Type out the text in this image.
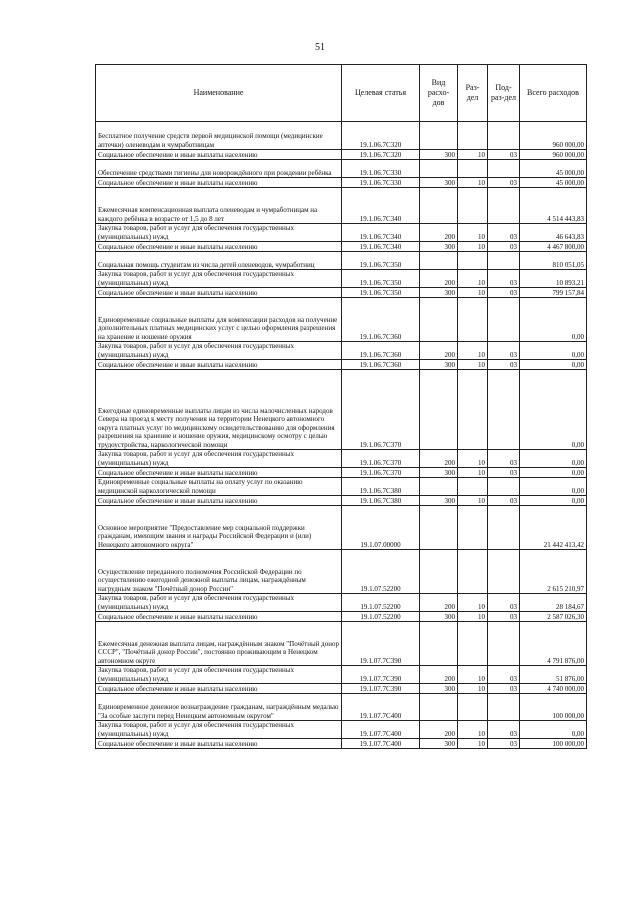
51
Наименование	Целевая статья	Вид расхо-дов	Раз-дел	Под-раз-дел	Всего расходов
Бесплатное получение средств первой медицинской помощи (медицинские аптечки) оленеводам и чумработницам	19.1.06.7С320				960 000,00
Социальное обеспечение и иные выплаты населению	19.1.06.7С320	300	10	03	960 000,00
Обеспечение средствами гигиены для новорождённого при рождении ребёнка	19.1.06.7С330				45 000,00
Социальное обеспечение и иные выплаты населению	19.1.06.7С330	300	10	03	45 000,00
Ежемесячная компенсационная выплата оленеводам и чумработницам на каждого ребёнка в возрасте от 1,5 до 8 лет	19.1.06.7С340				4 514 443,83
Закупка товаров, работ и услуг для обеспечения государственных (муниципальных) нужд	19.1.06.7С340	200	10	03	46 643,83
Социальное обеспечение и иные выплаты населению	19.1.06.7С340	300	10	03	4 467 800,00
Социальная помощь студентам из числа детей оленеводов, чумработниц	19.1.06.7С350				810 051,05
Закупка товаров, работ и услуг для обеспечения государственных (муниципальных) нужд	19.1.06.7С350	200	10	03	10 893,21
Социальное обеспечение и иные выплаты населению	19.1.06.7С350	300	10	03	799 157,84
Единовременные социальные выплаты для компенсации расходов на получение дополнительных платных медицинских услуг с целью оформления разрешения на хранение и ношение оружия	19.1.06.7С360				0,00
Закупка товаров, работ и услуг для обеспечения государственных (муниципальных) нужд	19.1.06.7С360	200	10	03	0,00
Социальное обеспечение и иные выплаты населению	19.1.06.7С360	300	10	03	0,00
Ежегодные единовременные выплаты лицам из числа малочисленных народов Севера на проезд к месту получения на территории Ненецкого автономного округа платных услуг по медицинскому освидетельствованию для оформления разрешения на хранение и ношение оружия, медицинскому осмотру с целью трудоустройства, наркологической помощи	19.1.06.7С370				0,00
Закупка товаров, работ и услуг для обеспечения государственных (муниципальных) нужд	19.1.06.7С370	200	10	03	0,00
Социальное обеспечение и иные выплаты населению	19.1.06.7С370	300	10	03	0,00
Единовременные социальные выплаты на оплату услуг по оказанию медицинской наркологической помощи	19.1.06.7С380				0,00
Социальное обеспечение и иные выплаты населению	19.1.06.7С380	300	10	03	0,00
Основное мероприятие "Предоставление мер социальной поддержки гражданам, имеющим звания и награды Российской Федерации и (или) Ненецкого автономного округа"	19.1.07.00000				21 442 413,42
Осуществление переданного полномочия Российской Федерации по осуществлению ежегодной денежной выплаты лицам, награждённым нагрудным знаком "Почётный донор России"	19.1.07.52200				2 615 210,97
Закупка товаров, работ и услуг для обеспечения государственных (муниципальных) нужд	19.1.07.52200	200	10	03	28 184,67
Социальное обеспечение и иные выплаты населению	19.1.07.52200	300	10	03	2 587 026,30
Ежемесячная денежная выплата лицам, награждённым знаком "Почётный донор СССР", "Почётный донор России", постоянно проживающим в Ненецком автономном округе	19.1.07.7С390				4 791 876,00
Закупка товаров, работ и услуг для обеспечения государственных (муниципальных) нужд	19.1.07.7С390	200	10	03	51 876,00
Социальное обеспечение и иные выплаты населению	19.1.07.7С390	300	10	03	4 740 000,00
Единовременное денежное вознаграждение гражданам, награждённым медалью "За особые заслуги перед Ненецким автономным округом"	19.1.07.7С400				100 000,00
Закупка товаров, работ и услуг для обеспечения государственных (муниципальных) нужд	19.1.07.7С400	200	10	03	0,00
Социальное обеспечение и иные выплаты населению	19.1.07.7С400	300	10	03	100 000,00
